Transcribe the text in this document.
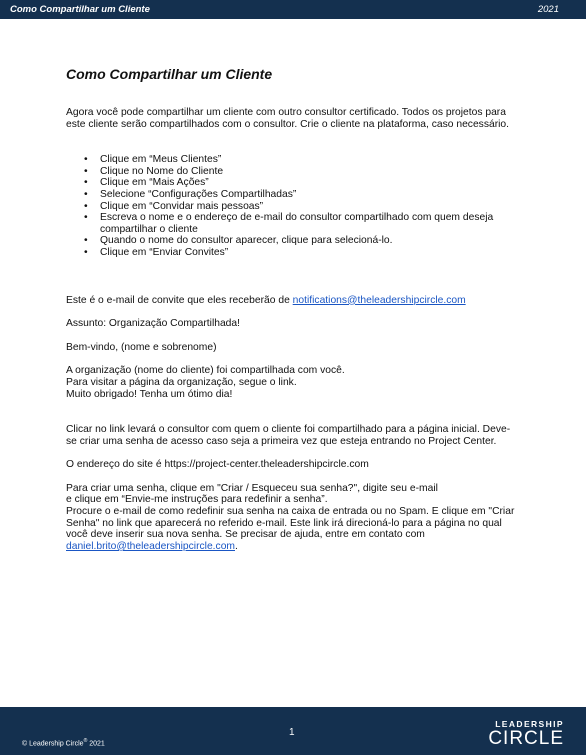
Como Compartilhar um Cliente	2021
Como Compartilhar um Cliente

Agora você pode compartilhar um cliente com outro consultor certificado. Todos os projetos para este cliente serão compartilhados com o consultor. Crie o cliente na plataforma, caso necessário.

• Clique em “Meus Clientes”
• Clique no Nome do Cliente
• Clique em “Mais Ações”
• Selecione “Configurações Compartilhadas”
• Clique em “Convidar mais pessoas”
• Escreva o nome e o endereço de e-mail do consultor compartilhado com quem deseja compartilhar o cliente
• Quando o nome do consultor aparecer, clique para selecioná-lo.
• Clique em “Enviar Convites”

Este é o e-mail de convite que eles receberão de notifications@theleadershipcircle.com

Assunto: Organização Compartilhada!

Bem-vindo, (nome e sobrenome)

A organização (nome do cliente) foi compartilhada com você.
Para visitar a página da organização, segue o link.
Muito obrigado! Tenha um ótimo dia!

Clicar no link levará o consultor com quem o cliente foi compartilhado para a página inicial. Deve-se criar uma senha de acesso caso seja a primeira vez que esteja entrando no Project Center.

O endereço do site é https://project-center.theleadershipcircle.com

Para criar uma senha, clique em "Criar / Esqueceu sua senha?", digite seu e-mail
e clique em “Envie-me instruções para redefinir a senha”.
Procure o e-mail de como redefinir sua senha na caixa de entrada ou no Spam. E clique em "Criar Senha" no link que aparecerá no referido e-mail. Este link irá direcioná-lo para a página no qual você deve inserir sua nova senha. Se precisar de ajuda, entre em contato com daniel.brito@theleadershipcircle.com.

© Leadership Circle® 2021
1
LEADERSHIP
CIRCLE
